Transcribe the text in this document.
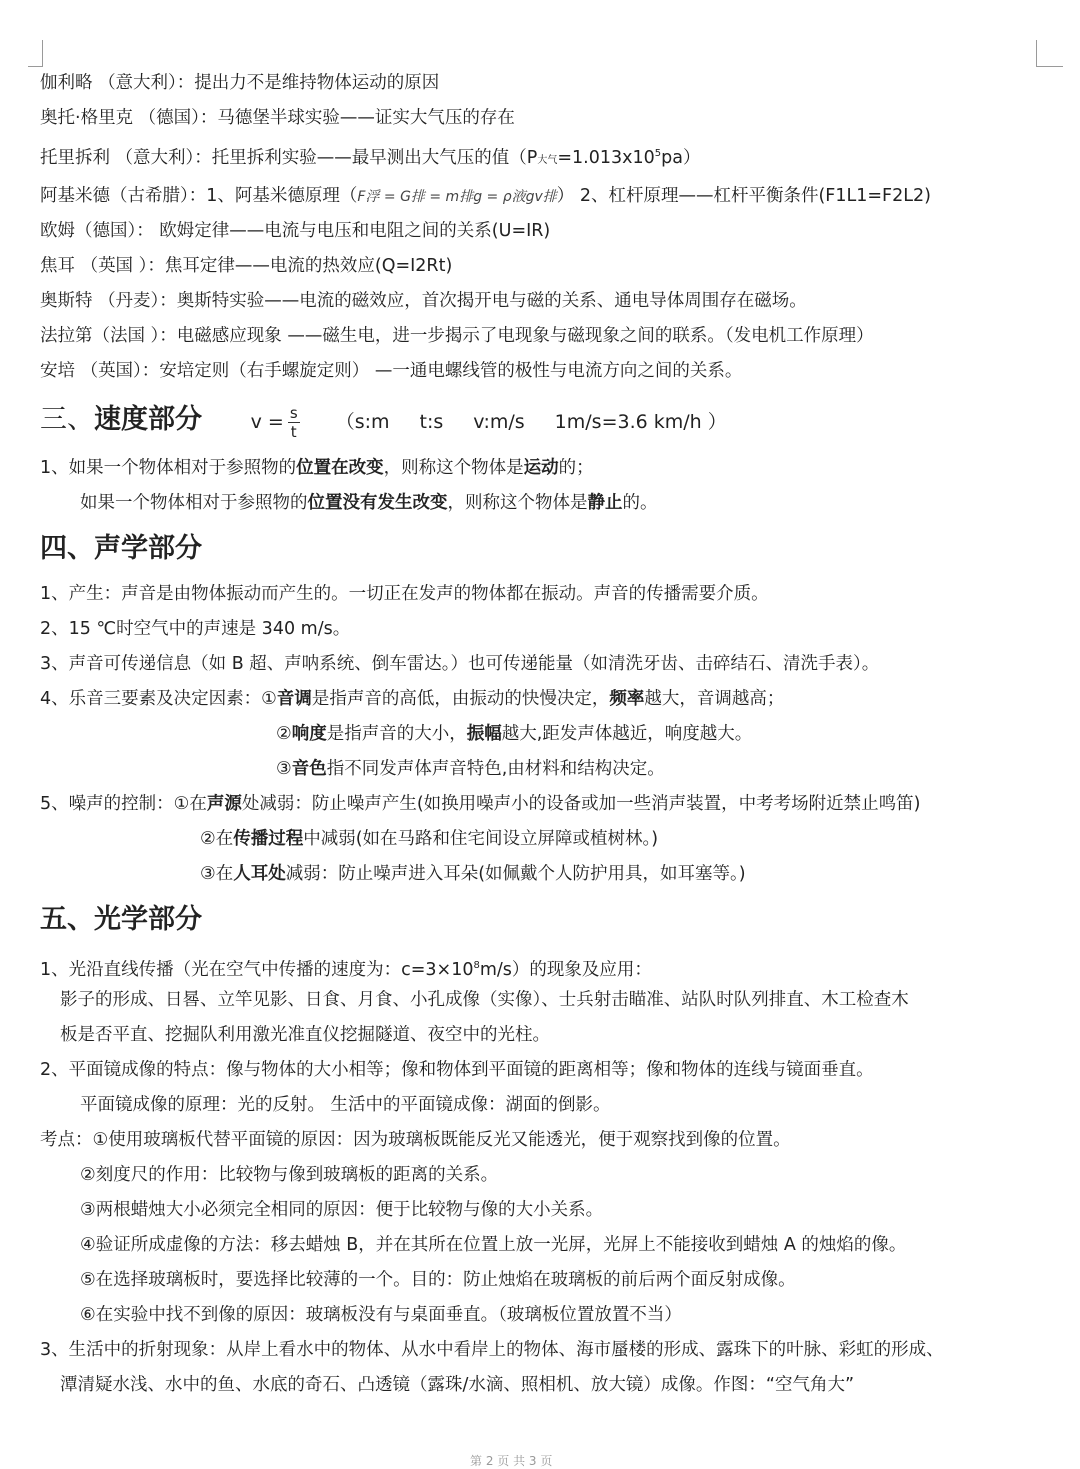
伽利略 （意大利）：提出力不是维持物体运动的原因
奥托·格里克 （德国）：马德堡半球实验——证实大气压的存在
托里拆利 （意大利）：托里拆利实验——最早测出大气压的值（P大气$=1.013x10^5pa$）
阿基米德（古希腊）：1、阿基米德原理（F浮 = G排 = m排g = ρ液gv排） 2、杠杆原理——杠杆平衡条件(F1L1=F2L2)
欧姆（德国）： 欧姆定律——电流与电压和电阻之间的关系(U=IR)
焦耳 （英国 ）：焦耳定律——电流的热效应(Q=I2Rt)
奥斯特 （丹麦）：奥斯特实验——电流的磁效应，首次揭开电与磁的关系、通电导体周围存在磁场。
法拉第（法国 ）：电磁感应现象 ——磁生电，进一步揭示了电现象与磁现象之间的联系。（发电机工作原理）
安培 （英国）：安培定则（右手螺旋定则） —一通电螺线管的极性与电流方向之间的关系。
三、速度部分	$v = \frac{s}{t}$ （s:m t:s v:m/s 1m/s=3.6 km/h ）
1、如果一个物体相对于参照物的位置在改变，则称这个物体是运动的；
如果一个物体相对于参照物的位置没有发生改变，则称这个物体是静止的。
四、声学部分
1、产生：声音是由物体振动而产生的。一切正在发声的物体都在振动。声音的传播需要介质。
2、15 ℃时空气中的声速是 340 m/s。
3、声音可传递信息（如 B 超、声呐系统、倒车雷达。）也可传递能量（如清洗牙齿、击碎结石、清洗手表）。
4、乐音三要素及决定因素：①音调是指声音的高低，由振动的快慢决定，频率越大，音调越高；
②响度是指声音的大小，振幅越大,距发声体越近，响度越大。
③音色指不同发声体声音特色,由材料和结构决定。
5、噪声的控制：①在声源处减弱：防止噪声产生(如换用噪声小的设备或加一些消声装置，中考考场附近禁止鸣笛)
②在传播过程中减弱(如在马路和住宅间设立屏障或植树林。)
③在人耳处减弱：防止噪声进入耳朵(如佩戴个人防护用具，如耳塞等。)
五、光学部分
1、光沿直线传播（光在空气中传播的速度为：$c=3\times 10^8m/s$）的现象及应用：
影子的形成、日晷、立竿见影、日食、月食、小孔成像（实像）、士兵射击瞄准、站队时队列排直、木工检查木
板是否平直、挖掘队利用激光准直仪挖掘隧道、夜空中的光柱。
2、平面镜成像的特点：像与物体的大小相等；像和物体到平面镜的距离相等；像和物体的连线与镜面垂直。
平面镜成像的原理：光的反射。 生活中的平面镜成像：湖面的倒影。
考点：①使用玻璃板代替平面镜的原因：因为玻璃板既能反光又能透光，便于观察找到像的位置。
②刻度尺的作用：比较物与像到玻璃板的距离的关系。
③两根蜡烛大小必须完全相同的原因：便于比较物与像的大小关系。
④验证所成虚像的方法：移去蜡烛 B，并在其所在位置上放一光屏，光屏上不能接收到蜡烛 A 的烛焰的像。
⑤在选择玻璃板时，要选择比较薄的一个。目的：防止烛焰在玻璃板的前后两个面反射成像。
⑥在实验中找不到像的原因：玻璃板没有与桌面垂直。（玻璃板位置放置不当）
3、生活中的折射现象：从岸上看水中的物体、从水中看岸上的物体、海市蜃楼的形成、露珠下的叶脉、彩虹的形成、
潭清疑水浅、水中的鱼、水底的奇石、凸透镜（露珠/水滴、照相机、放大镜）成像。作图：“空气角大”
第 2 页 共 3 页
